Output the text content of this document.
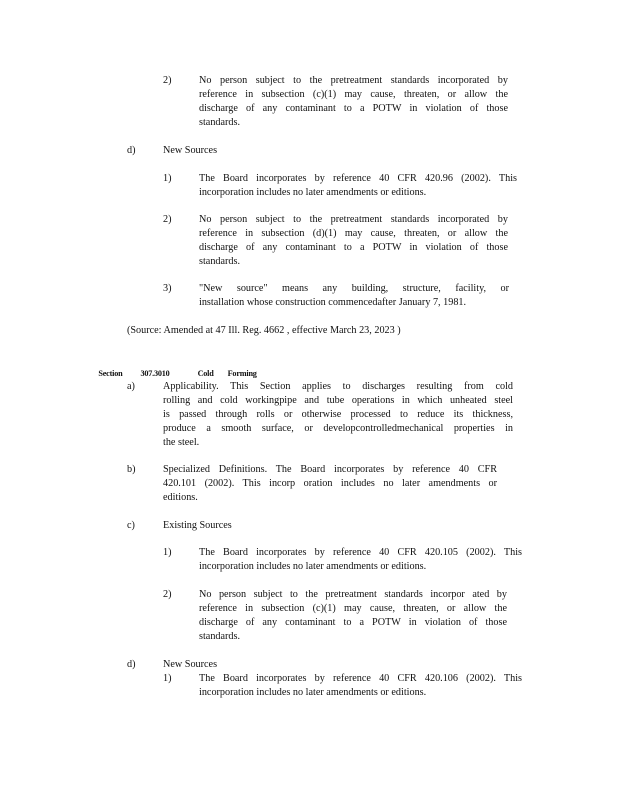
2)	No person subject to the pretreatment standards incorporated by
reference in subsection (c)(1) may cause, threaten, or allow the
discharge of any contaminant to a POTW in violation of those
standards.
d)	New Sources
1)	The Board incorporates by reference 40 CFR 420.96 (2002). This
incorporation includes no later amendments or editions.
2)	No person subject to the pretreatment standards incorporated by
reference in subsection (d)(1) may cause, threaten, or allow the
discharge of any contaminant to a POTW in violation of those
standards.
3)	"New source" means any building, structure, facility, or
installation whose construction commencedafter January 7, 1981.
(Source: Amended at 47 Ill. Reg. 4662 , effective March 23, 2023 )
a)	Applicability. This Section applies to discharges resulting from cold
rolling and cold workingpipe and tube operations in which unheated steel
is passed through rolls or otherwise processed to reduce its thickness,
produce a smooth surface, or developcontrolledmechanical properties in
the steel.
b)	Specialized Definitions. The Board incorporates by reference 40 CFR
420.101 (2002). This incorp oration includes no later amendments or
editions.
c)	Existing Sources
1)	The Board incorporates by reference 40 CFR 420.105 (2002). This
incorporation includes no later amendments or editions.
2)	No person subject to the pretreatment standards incorpor ated by
reference in subsection (c)(1) may cause, threaten, or allow the
discharge of any contaminant to a POTW in violation of those
standards.
d)	New Sources
1)	The Board incorporates by reference 40 CFR 420.106 (2002). This
incorporation includes no later amendments or editions.

Section 307.3010	Cold Forming
